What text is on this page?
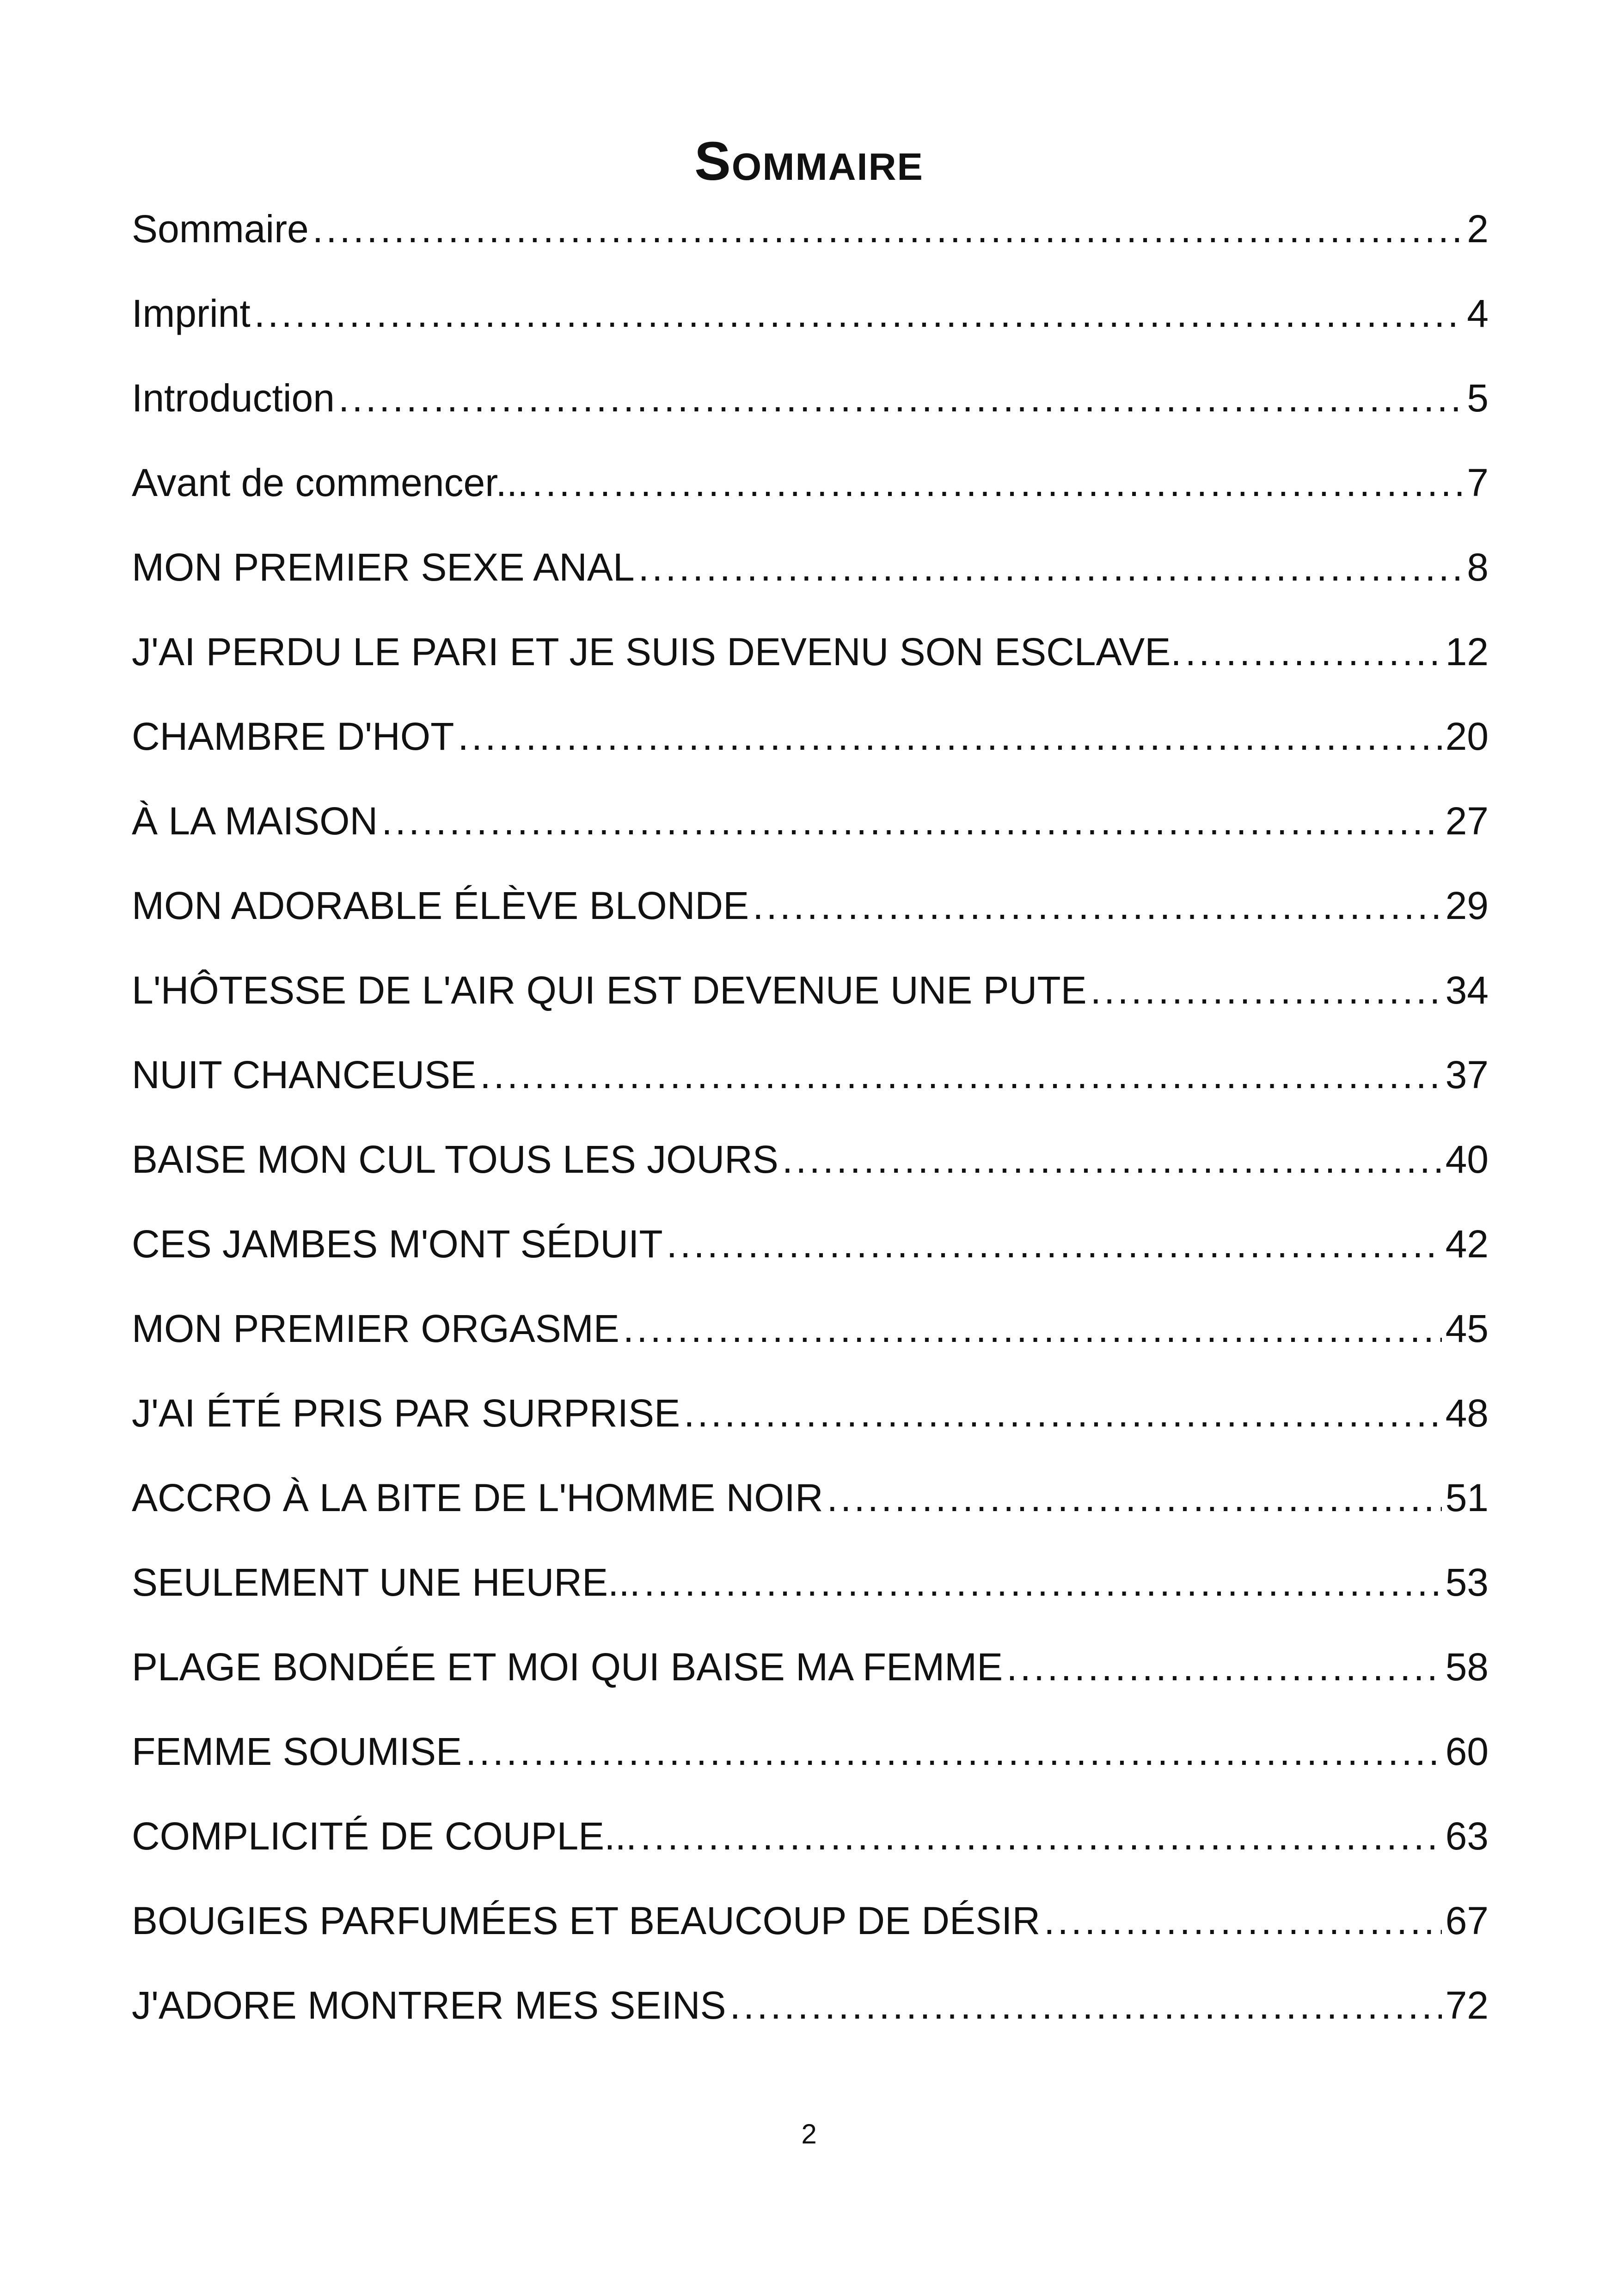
Sommaire
Sommaire .....	2
Imprint .....	4
Introduction .....	5
Avant de commencer... .....	7
MON PREMIER SEXE ANAL .....	8
J'AI PERDU LE PARI ET JE SUIS DEVENU SON ESCLAVE. .....	12
CHAMBRE D'HOT .....	20
À LA MAISON .....	27
MON ADORABLE ÉLÈVE BLONDE .....	29
L'HÔTESSE DE L'AIR QUI EST DEVENUE UNE PUTE .....	34
NUIT CHANCEUSE .....	37
BAISE MON CUL TOUS LES JOURS .....	40
CES JAMBES M'ONT SÉDUIT .....	42
MON PREMIER ORGASME .....	45
J'AI ÉTÉ PRIS PAR SURPRISE .....	48
ACCRO À LA BITE DE L'HOMME NOIR .....	51
SEULEMENT UNE HEURE... .....	53
PLAGE BONDÉE ET MOI QUI BAISE MA FEMME .....	58
FEMME SOUMISE .....	60
COMPLICITÉ DE COUPLE... .....	63
BOUGIES PARFUMÉES ET BEAUCOUP DE DÉSIR .....	67
J'ADORE MONTRER MES SEINS .....	72
2
